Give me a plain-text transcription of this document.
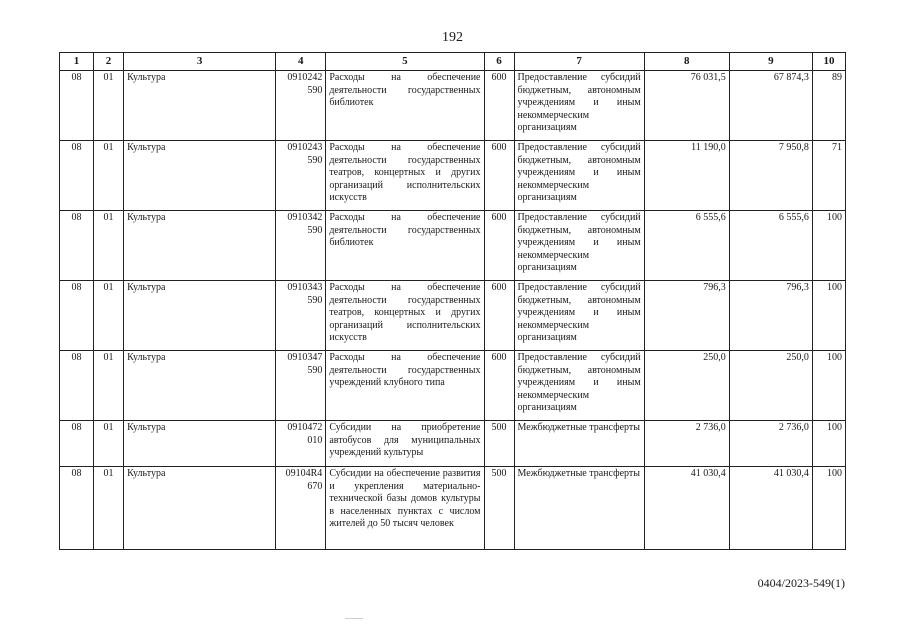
192
1	2	3	4	5	6	7	8	9	10
08	01	Культура	0910242 590	Расходы на обеспечение деятельности государственных библиотек	600	Предоставление субсидий бюджетным, автономным учреждениям и иным некоммерческим организациям	76 031,5	67 874,3	89
08	01	Культура	0910243 590	Расходы на обеспечение деятельности государственных театров, концертных и других организаций исполнительских искусств	600	Предоставление субсидий бюджетным, автономным учреждениям и иным некоммерческим организациям	11 190,0	7 950,8	71
08	01	Культура	0910342 590	Расходы на обеспечение деятельности государственных библиотек	600	Предоставление субсидий бюджетным, автономным учреждениям и иным некоммерческим организациям	6 555,6	6 555,6	100
08	01	Культура	0910343 590	Расходы на обеспечение деятельности государственных театров, концертных и других организаций исполнительских искусств	600	Предоставление субсидий бюджетным, автономным учреждениям и иным некоммерческим организациям	796,3	796,3	100
08	01	Культура	0910347 590	Расходы на обеспечение деятельности государственных учреждений клубного типа	600	Предоставление субсидий бюджетным, автономным учреждениям и иным некоммерческим организациям	250,0	250,0	100
08	01	Культура	0910472 010	Субсидии на приобретение автобусов для муниципальных учреждений культуры	500	Межбюджетные трансферты	2 736,0	2 736,0	100
08	01	Культура	09104R4 670	Субсидии на обеспечение развития и укрепления материально-технической базы домов культуры в населенных пунктах с числом жителей до 50 тысяч человек	500	Межбюджетные трансферты	41 030,4	41 030,4	100
0404/2023-549(1)
